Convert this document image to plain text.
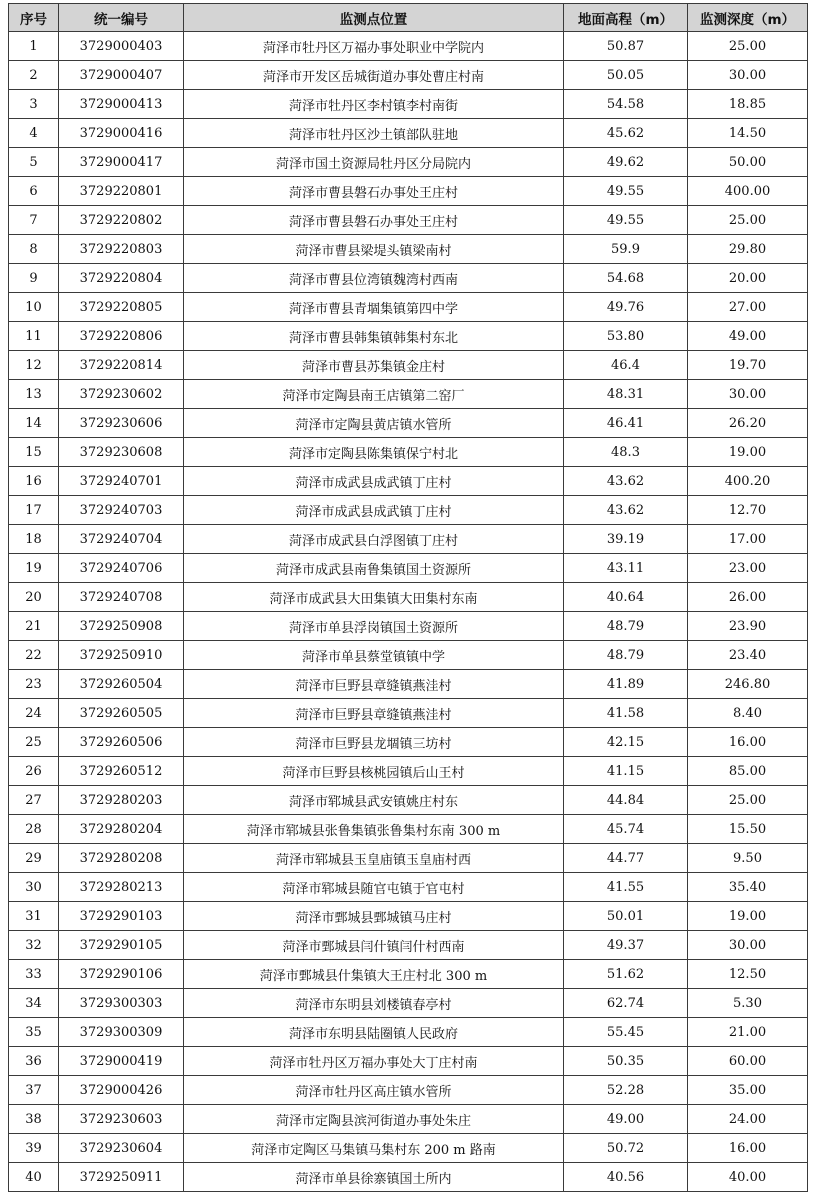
序号	统一编号	监测点位置	地面高程（m）	监测深度（m）
1	3729000403	菏泽市牡丹区万福办事处职业中学院内	50.87	25.00
2	3729000407	菏泽市开发区岳城街道办事处曹庄村南	50.05	30.00
3	3729000413	菏泽市牡丹区李村镇李村南街	54.58	18.85
4	3729000416	菏泽市牡丹区沙土镇部队驻地	45.62	14.50
5	3729000417	菏泽市国土资源局牡丹区分局院内	49.62	50.00
6	3729220801	菏泽市曹县磐石办事处王庄村	49.55	400.00
7	3729220802	菏泽市曹县磐石办事处王庄村	49.55	25.00
8	3729220803	菏泽市曹县梁堤头镇梁南村	59.9	29.80
9	3729220804	菏泽市曹县位湾镇魏湾村西南	54.68	20.00
10	3729220805	菏泽市曹县青堌集镇第四中学	49.76	27.00
11	3729220806	菏泽市曹县韩集镇韩集村东北	53.80	49.00
12	3729220814	菏泽市曹县苏集镇金庄村	46.4	19.70
13	3729230602	菏泽市定陶县南王店镇第二窑厂	48.31	30.00
14	3729230606	菏泽市定陶县黄店镇水管所	46.41	26.20
15	3729230608	菏泽市定陶县陈集镇保宁村北	48.3	19.00
16	3729240701	菏泽市成武县成武镇丁庄村	43.62	400.20
17	3729240703	菏泽市成武县成武镇丁庄村	43.62	12.70
18	3729240704	菏泽市成武县白浮图镇丁庄村	39.19	17.00
19	3729240706	菏泽市成武县南鲁集镇国土资源所	43.11	23.00
20	3729240708	菏泽市成武县大田集镇大田集村东南	40.64	26.00
21	3729250908	菏泽市单县浮岗镇国土资源所	48.79	23.90
22	3729250910	菏泽市单县蔡堂镇镇中学	48.79	23.40
23	3729260504	菏泽市巨野县章缝镇燕洼村	41.89	246.80
24	3729260505	菏泽市巨野县章缝镇燕洼村	41.58	8.40
25	3729260506	菏泽市巨野县龙堌镇三坊村	42.15	16.00
26	3729260512	菏泽市巨野县核桃园镇后山王村	41.15	85.00
27	3729280203	菏泽市郓城县武安镇姚庄村东	44.84	25.00
28	3729280204	菏泽市郓城县张鲁集镇张鲁集村东南 300 m	45.74	15.50
29	3729280208	菏泽市郓城县玉皇庙镇玉皇庙村西	44.77	9.50
30	3729280213	菏泽市郓城县随官屯镇于官屯村	41.55	35.40
31	3729290103	菏泽市鄄城县鄄城镇马庄村	50.01	19.00
32	3729290105	菏泽市鄄城县闫什镇闫什村西南	49.37	30.00
33	3729290106	菏泽市鄄城县什集镇大王庄村北 300 m	51.62	12.50
34	3729300303	菏泽市东明县刘楼镇春亭村	62.74	5.30
35	3729300309	菏泽市东明县陆圈镇人民政府	55.45	21.00
36	3729000419	菏泽市牡丹区万福办事处大丁庄村南	50.35	60.00
37	3729000426	菏泽市牡丹区高庄镇水管所	52.28	35.00
38	3729230603	菏泽市定陶县滨河街道办事处朱庄	49.00	24.00
39	3729230604	菏泽市定陶区马集镇马集村东 200 m 路南	50.72	16.00
40	3729250911	菏泽市单县徐寨镇国土所内	40.56	40.00
